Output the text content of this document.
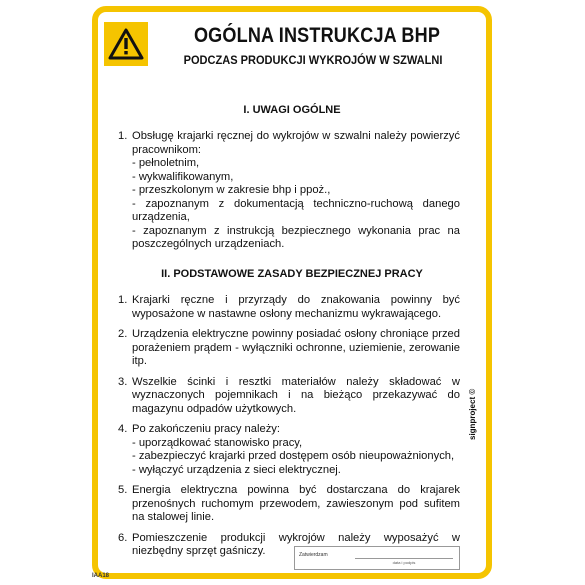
OGÓLNA INSTRUKCJA BHP
PODCZAS PRODUKCJI WYKROJÓW W SZWALNI
I. UWAGI OGÓLNE
1. Obsługę krajarki ręcznej do wykrojów w szwalni należy powierzyć pracownikom:
- pełnoletnim,
- wykwalifikowanym,
- przeszkolonym w zakresie bhp i ppoż.,
- zapoznanym z dokumentacją techniczno-ruchową danego urządzenia,
- zapoznanym z instrukcją bezpiecznego wykonania prac na poszczególnych urządzeniach.
II. PODSTAWOWE ZASADY BEZPIECZNEJ PRACY
1. Krajarki ręczne i przyrządy do znakowania powinny być wyposażone w nastawne osłony mechanizmu wykrawającego.
2. Urządzenia elektryczne powinny posiadać osłony chroniące przed porażeniem prądem - wyłączniki ochronne, uziemienie, zerowanie itp.
3. Wszelkie ścinki i resztki materiałów należy składować w wyznaczonych pojemnikach i na bieżąco przekazywać do magazynu odpadów użytkowych.
4. Po zakończeniu pracy należy:
- uporządkować stanowisko pracy,
- zabezpieczyć krajarki przed dostępem osób nieupoważnionych,
- wyłączyć urządzenia z sieci elektrycznej.
5. Energia elektryczna powinna być dostarczana do krajarek przenośnych ruchomym przewodem, zawieszonym pod sufitem na stalowej linie.
6. Pomieszczenie produkcji wykrojów należy wyposażyć w niezbędny sprzęt gaśniczy.	Zatwierdzam
data i podpis
signproject ©
IAA18
